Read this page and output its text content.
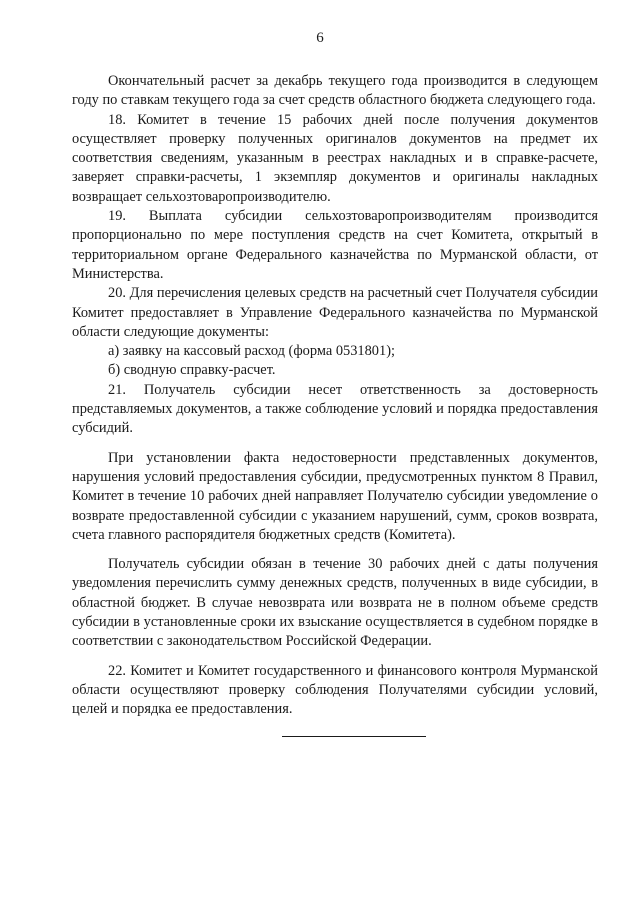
6

Окончательный расчет за декабрь текущего года производится в следующем году по ставкам текущего года за счет средств областного бюджета следующего года.

18. Комитет в течение 15 рабочих дней после получения документов осуществляет проверку полученных оригиналов документов на предмет их соответствия сведениям, указанным в реестрах накладных и в справке-расчете, заверяет справки-расчеты, 1 экземпляр документов и оригиналы накладных возвращает сельхозтоваропроизводителю.

19. Выплата субсидии сельхозтоваропроизводителям производится пропорционально по мере поступления средств на счет Комитета, открытый в территориальном органе Федерального казначейства по Мурманской области, от Министерства.

20. Для перечисления целевых средств на расчетный счет Получателя субсидии Комитет предоставляет в Управление Федерального казначейства по Мурманской области следующие документы:

а) заявку на кассовый расход (форма 0531801);

б) сводную справку-расчет.

21. Получатель субсидии несет ответственность за достоверность представляемых документов, а также соблюдение условий и порядка предоставления субсидий.

При установлении факта недостоверности представленных документов, нарушения условий предоставления субсидии, предусмотренных пунктом 8 Правил, Комитет в течение 10 рабочих дней направляет Получателю субсидии уведомление о возврате предоставленной субсидии с указанием нарушений, сумм, сроков возврата, счета главного распорядителя бюджетных средств (Комитета).

Получатель субсидии обязан в течение 30 рабочих дней с даты получения уведомления перечислить сумму денежных средств, полученных в виде субсидии, в областной бюджет. В случае невозврата или возврата не в полном объеме средств субсидии в установленные сроки их взыскание осуществляется в судебном порядке в соответствии с законодательством Российской Федерации.

22. Комитет и Комитет государственного и финансового контроля Мурманской области осуществляют проверку соблюдения Получателями субсидии условий, целей и порядка ее предоставления.
